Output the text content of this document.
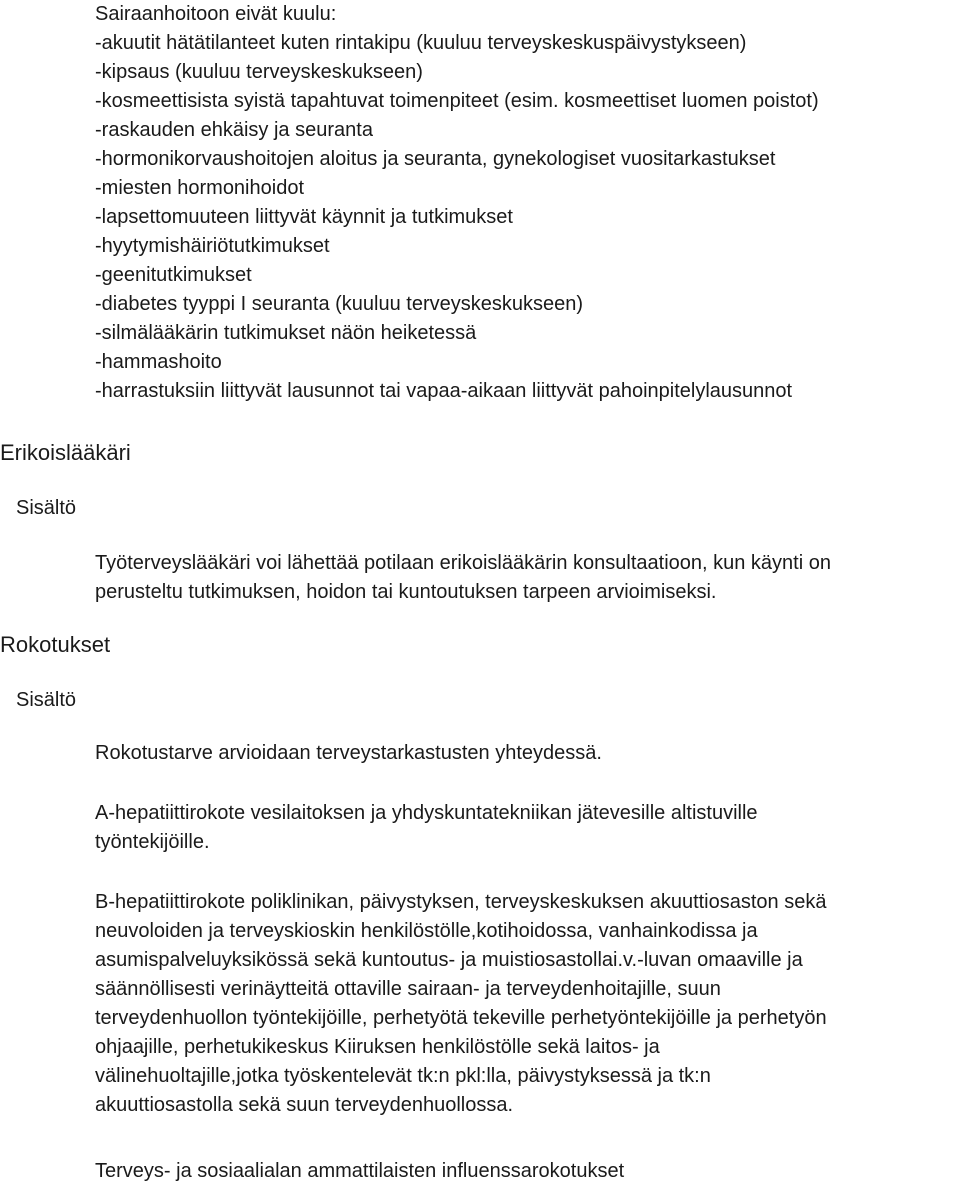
Sairaanhoitoon eivät kuulu:
-akuutit hätätilanteet kuten rintakipu (kuuluu terveyskeskuspäivystykseen)
-kipsaus (kuuluu terveyskeskukseen)
-kosmeettisista syistä tapahtuvat toimenpiteet (esim. kosmeettiset luomen poistot)
-raskauden ehkäisy ja seuranta
-hormonikorvaushoitojen aloitus ja seuranta, gynekologiset vuositarkastukset
-miesten hormonihoidot
-lapsettomuuteen liittyvät käynnit ja tutkimukset
-hyytymishäiriötutkimukset
-geenitutkimukset
-diabetes tyyppi I seuranta (kuuluu terveyskeskukseen)
-silmälääkärin tutkimukset näön heiketessä
-hammashoito
-harrastuksiin liittyvät lausunnot tai vapaa-aikaan liittyvät pahoinpitelylausunnot
Erikoislääkäri
Sisältö
Työterveyslääkäri voi lähettää potilaan erikoislääkärin konsultaatioon, kun käynti on
perusteltu tutkimuksen, hoidon tai kuntoutuksen tarpeen arvioimiseksi.
Rokotukset
Sisältö
Rokotustarve arvioidaan terveystarkastusten yhteydessä.
A-hepatiittirokote vesilaitoksen ja yhdyskuntatekniikan jätevesille altistuville
työntekijöille.
B-hepatiittirokote poliklinikan, päivystyksen, terveyskeskuksen akuuttiosaston sekä
neuvoloiden ja terveyskioskin henkilöstölle,kotihoidossa, vanhainkodissa ja
asumispalveluyksikössä sekä kuntoutus- ja muistiosastollai.v.-luvan omaaville ja
säännöllisesti verinäytteitä ottaville sairaan- ja terveydenhoitajille, suun
terveydenhuollon työntekijöille, perhetyötä tekeville perhetyöntekijöille ja perhetyön
ohjaajille, perhetukikeskus Kiiruksen henkilöstölle sekä laitos- ja
välinehuoltajille,jotka työskentelevät tk:n pkl:lla, päivystyksessä ja tk:n
akuuttiosastolla sekä suun terveydenhuollossa.
Terveys- ja sosiaalialan ammattilaisten influenssarokotukset
